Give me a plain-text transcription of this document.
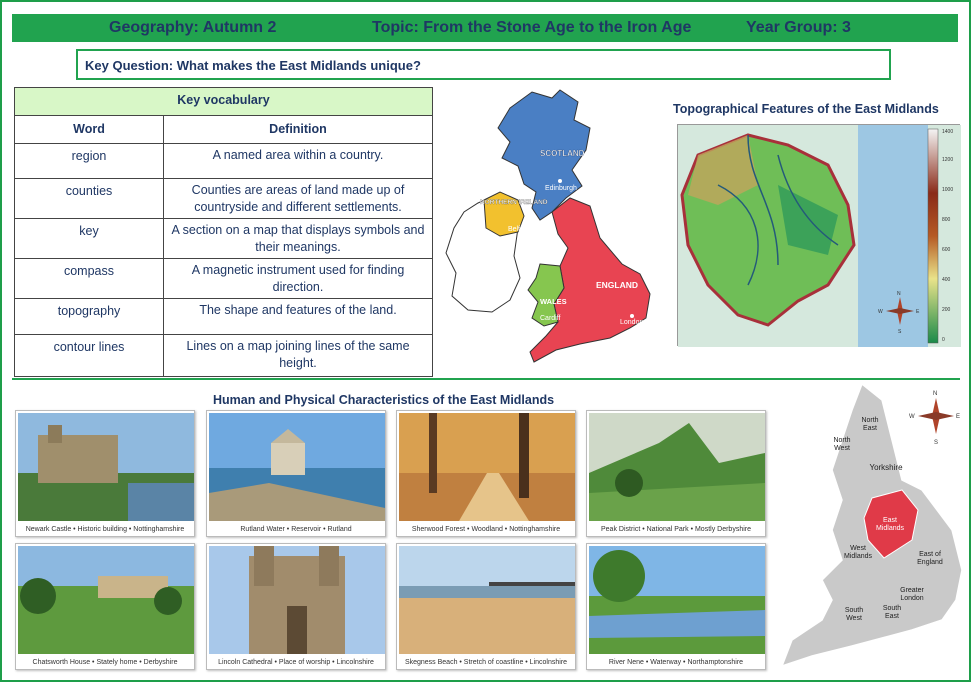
Geography: Autumn 2	Topic: From the Stone Age to the Iron Age	Year Group: 3
Key Question: What makes the East Midlands unique?
Key vocabulary	
Word	Definition
region	A named area within a country.
counties	Counties are areas of land made up of countryside and different settlements.
key	A section on a map that displays symbols and their meanings.
compass	A magnetic instrument used for finding direction.
topography	The shape and features of the land.
contour lines	Lines on a map joining lines of the same height.
SCOTLAND
Edinburgh
NORTHERN IRELAND
Belfast
WALES
Cardiff
ENGLAND
London
Topographical Features of the East Midlands
N
E
S
W
1400
1200
1000
800
600
400
200
0
Human and Physical Characteristics of the East Midlands
Newark Castle • Historic building • Nottinghamshire	Rutland Water • Reservoir • Rutland	Sherwood Forest • Woodland • Nottinghamshire	Peak District • National Park • Mostly Derbyshire
Chatsworth House • Stately home • Derbyshire	Lincoln Cathedral • Place of worship • Lincolnshire	Skegness Beach • Stretch of coastline • Lincolnshire	River Nene • Waterway • Northamptonshire
North
East
North
West
Yorkshire
East
Midlands
West
Midlands	East of
England
Greater
London
South
West
South
East
N
E
S
W
